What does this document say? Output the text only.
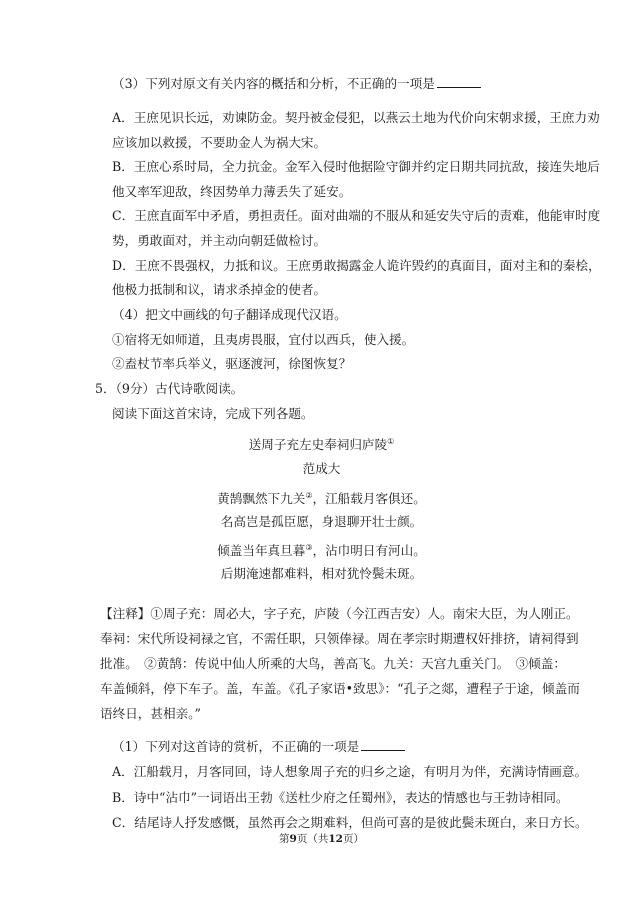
（3）下列对原文有关内容的概括和分析，不正确的一项是
A．王庶见识长远，劝谏防金。契丹被金侵犯，以燕云土地为代价向宋朝求援，王庶力劝
应该加以救援，不要助金人为祸大宋。
B．王庶心系时局，全力抗金。金军入侵时他据险守御并约定日期共同抗敌，接连失地后
他又率军迎敌，终因势单力薄丢失了延安。
C．王庶直面军中矛盾，勇担责任。面对曲端的不服从和延安失守后的责难，他能审时度
势，勇敢面对，并主动向朝廷做检讨。
D．王庶不畏强权，力抵和议。王庶勇敢揭露金人诡许毁约的真面目，面对主和的秦桧，
他极力抵制和议，请求杀掉金的使者。
（4）把文中画线的句子翻译成现代汉语。
①宿将无如师道，且夷虏畏服，宜付以西兵，使入援。
②盍杖节率兵举义，驱逐渡河，徐图恢复？
5．（9分）古代诗歌阅读。
阅读下面这首宋诗，完成下列各题。
送周子充左史奉祠归庐陵①
范成大
黄鹄飘然下九关②，江船载月客俱还。
名高岂是孤臣愿，身退聊开壮士颜。
倾盖当年真旦暮③，沾巾明日有河山。
后期淹速都难料，相对犹怜鬓未斑。
【注释】①周子充：周必大，字子充，庐陵（今江西吉安）人。南宋大臣，为人刚正。
奉祠：宋代所设祠禄之官，不需任职，只领俸禄。周在孝宗时期遭权奸排挤，请祠得到
批准。　②黄鹄：传说中仙人所乘的大鸟，善高飞。九关：天宫九重关门。　③倾盖：
车盖倾斜，停下车子。盖，车盖。《孔子家语•致思》：“孔子之郯，遭程子于途，倾盖而
语终日，甚相亲。”
（1）下列对这首诗的赏析，不正确的一项是
A．江船载月，月客同回，诗人想象周子充的归乡之途，有明月为伴，充满诗情画意。
B．诗中“沾巾”一词语出王勃《送杜少府之任蜀州》，表达的情感也与王勃诗相同。
C．结尾诗人抒发感慨，虽然再会之期难料，但尚可喜的是彼此鬓未斑白，来日方长。
第9页（共12页）
